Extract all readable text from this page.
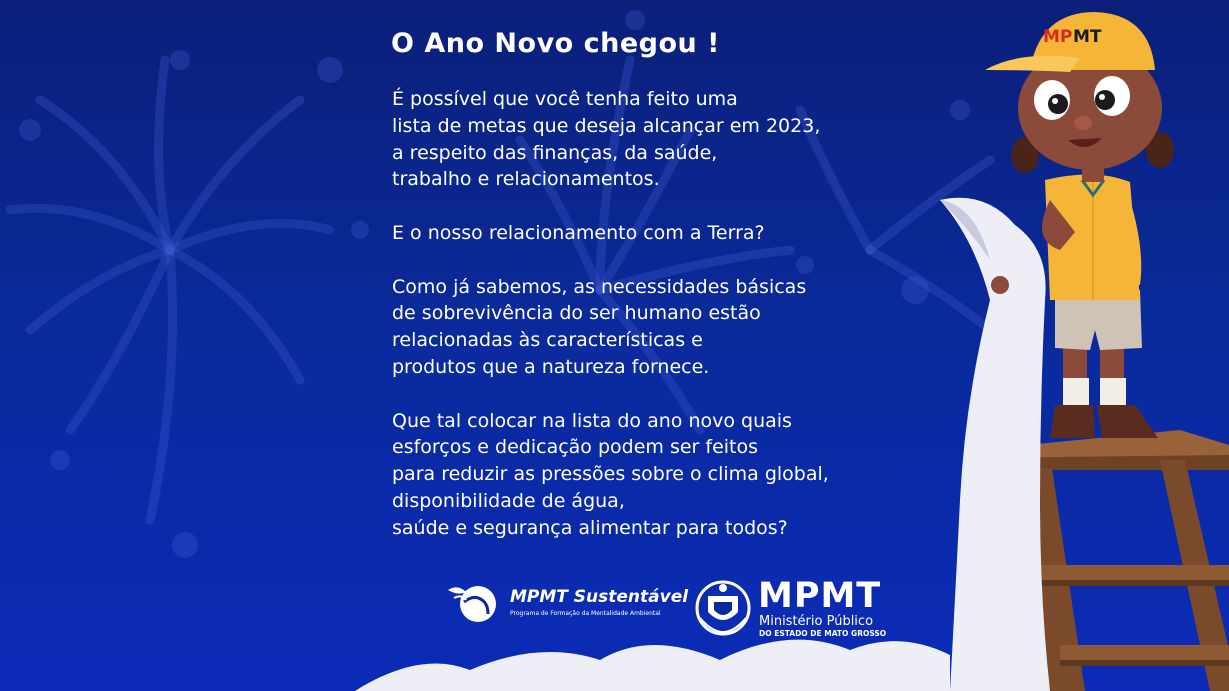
O Ano Novo chegou !

É possível que você tenha feito uma
lista de metas que deseja alcançar em 2023,
a respeito das finanças, da saúde,
trabalho e relacionamentos.

E o nosso relacionamento com a Terra?

Como já sabemos, as necessidades básicas
de sobrevivência do ser humano estão
relacionadas às características e
produtos que a natureza fornece.

Que tal colocar na lista do ano novo quais
esforços e dedicação podem ser feitos
para reduzir as pressões sobre o clima global,
disponibilidade de água,
saúde e segurança alimentar para todos?

MP MT
MPMT Sustentável
Programa de Formação da Mentalidade Ambiental	MPMT
Ministério Público
DO ESTADO DE MATO GROSSO
